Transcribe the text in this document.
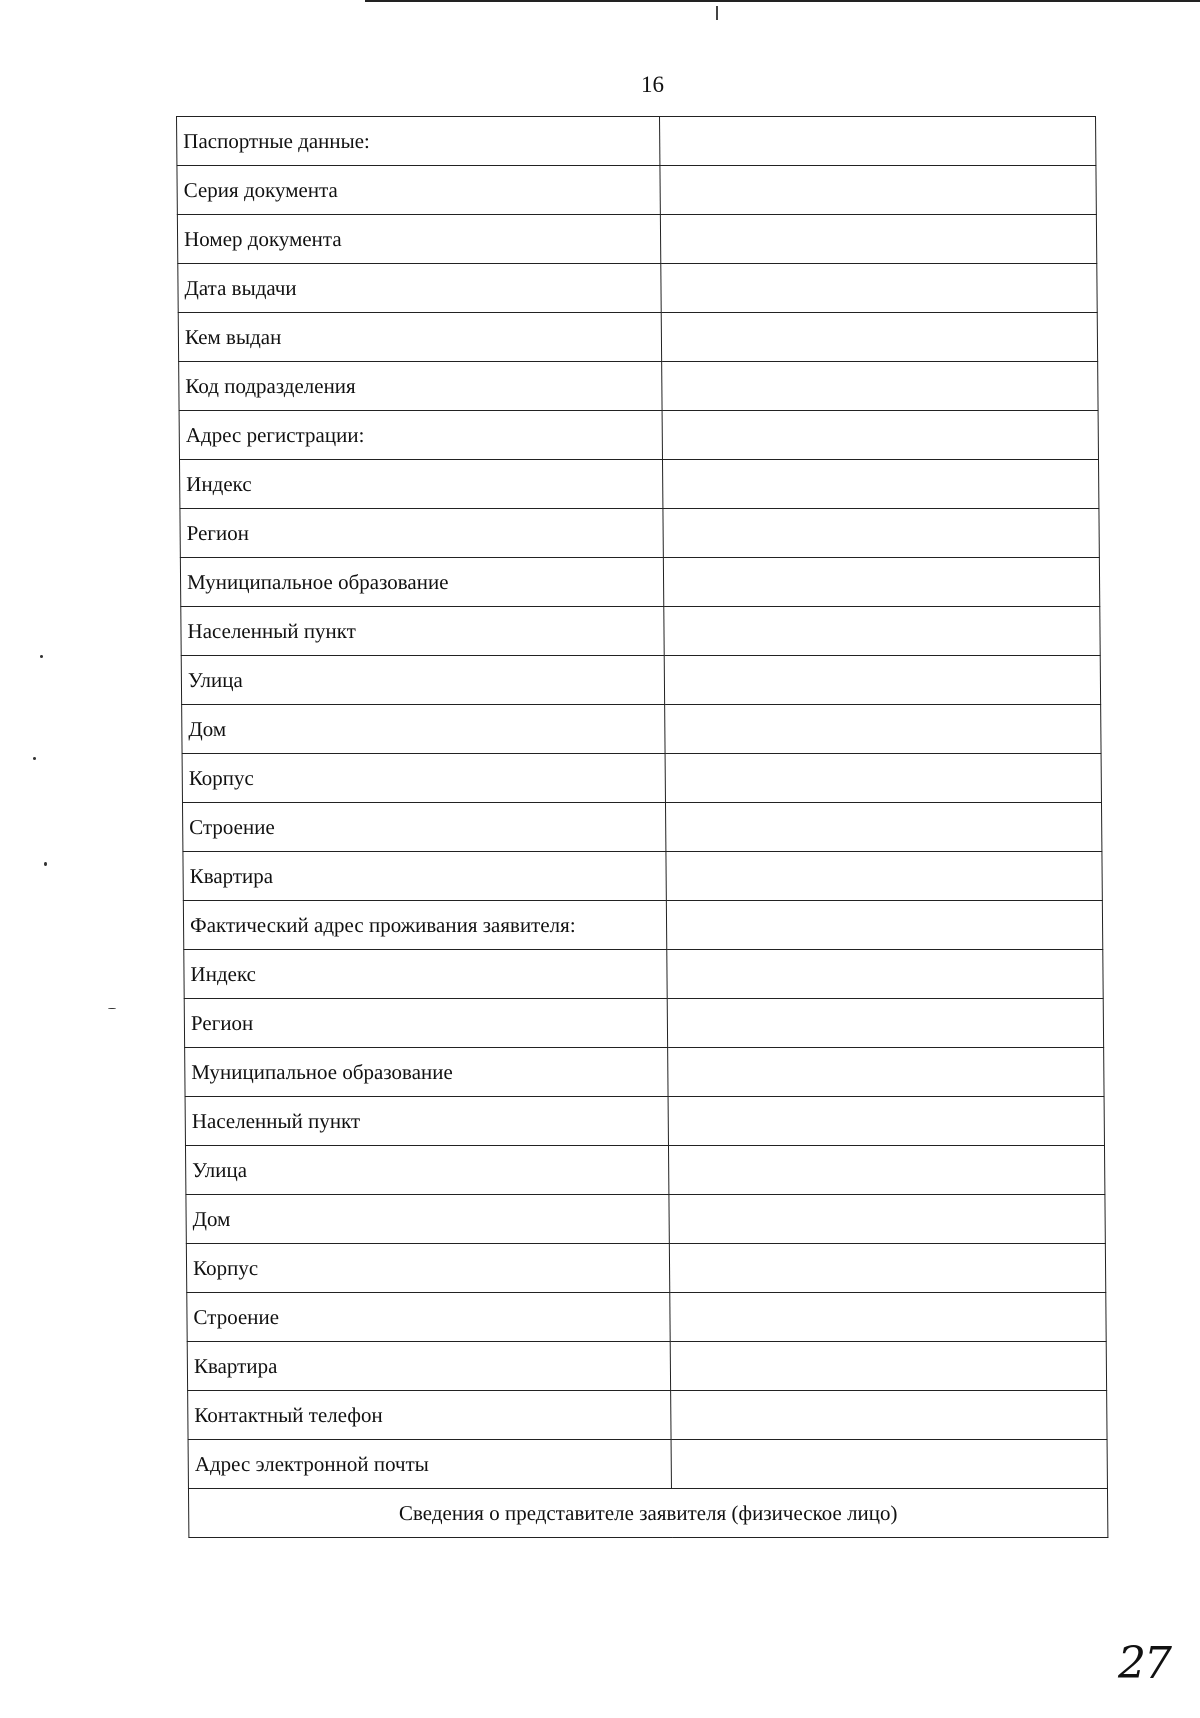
16
Паспортные данные:	
Серия документа	
Номер документа	
Дата выдачи	
Кем выдан	
Код подразделения	
Адрес регистрации:	
Индекс	
Регион	
Муниципальное образование	
Населенный пункт	
Улица	
Дом	
Корпус	
Строение	
Квартира	
Фактический адрес проживания заявителя:	
Индекс	
Регион	
Муниципальное образование	
Населенный пункт	
Улица	
Дом	
Корпус	
Строение	
Квартира	
Контактный телефон	
Адрес электронной почты	
Сведения о представителе заявителя (физическое лицо)	
27
